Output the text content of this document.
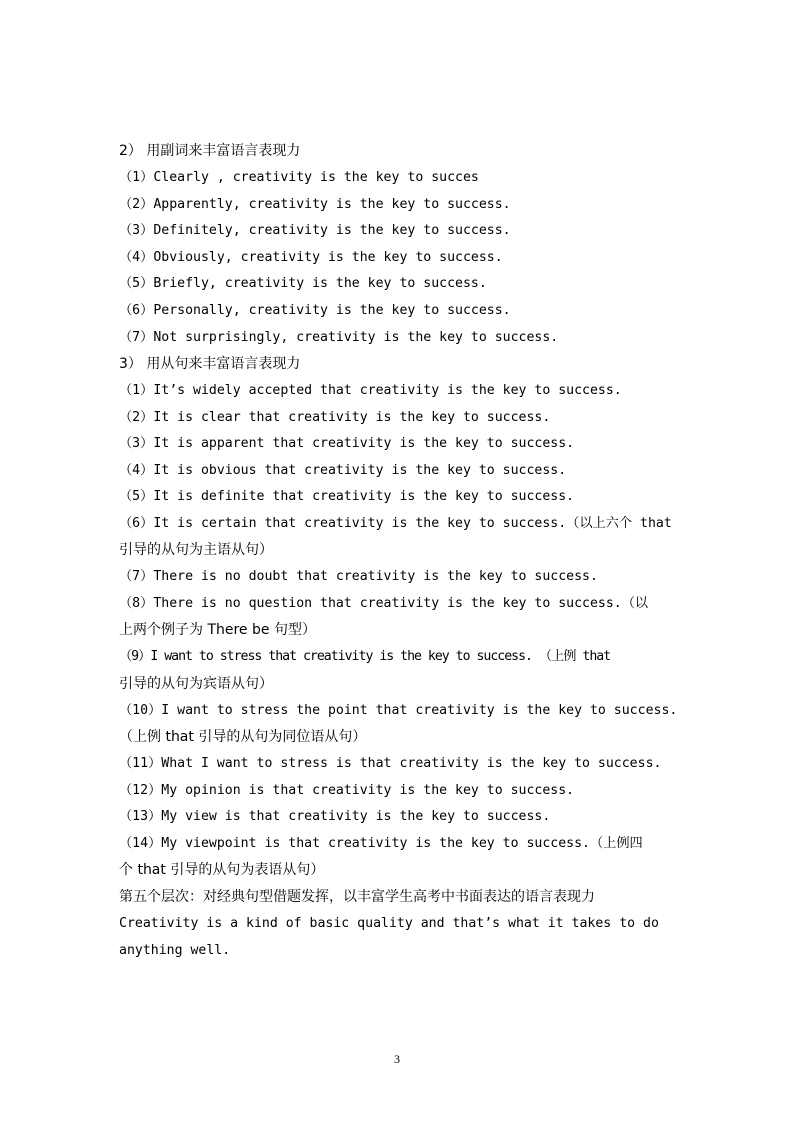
2） 用副词来丰富语言表现力
（1）Clearly , creativity is the key to succes
（2）Apparently, creativity is the key to success.
（3）Definitely, creativity is the key to success.
（4）Obviously, creativity is the key to success.
（5）Briefly, creativity is the key to success.
（6）Personally, creativity is the key to success.
（7）Not surprisingly, creativity is the key to success.
3） 用从句来丰富语言表现力
（1）It’s widely accepted that creativity is the key to success.
（2）It is clear that creativity is the key to success.
（3）It is apparent that creativity is the key to success.
（4）It is obvious that creativity is the key to success.
（5）It is definite that creativity is the key to success.
（6）It is certain that creativity is the key to success.（以上六个 that
引导的从句为主语从句）
（7）There is no doubt that creativity is the key to success.
（8）There is no question that creativity is the key to success.（以
上两个例子为 There be 句型）
（9）I want to stress that creativity is the key to success. （上例 that
引导的从句为宾语从句）
（10）I want to stress the point that creativity is the key to success.
（上例 that 引导的从句为同位语从句）
（11）What I want to stress is that creativity is the key to success.
（12）My opinion is that creativity is the key to success.
（13）My view is that creativity is the key to success.
（14）My viewpoint is that creativity is the key to success.（上例四
个 that 引导的从句为表语从句）
第五个层次：对经典句型借题发挥，以丰富学生高考中书面表达的语言表现力
Creativity is a kind of basic quality and that’s what it takes to do
anything well.
3
